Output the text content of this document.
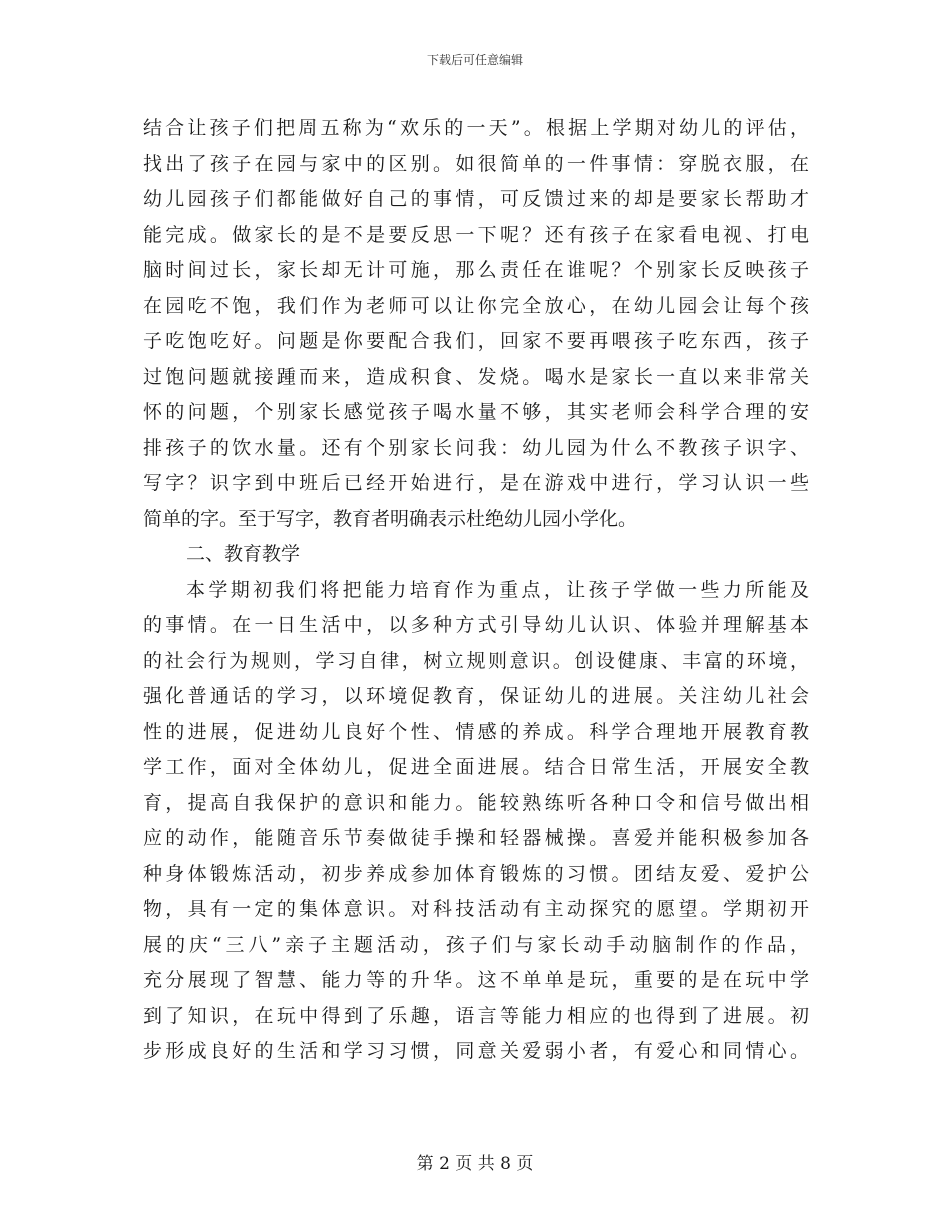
下载后可任意编辑
结合让孩子们把周五称为“欢乐的一天”。根据上学期对幼儿的评估，
找出了孩子在园与家中的区别。如很简单的一件事情：穿脱衣服，在
幼儿园孩子们都能做好自己的事情，可反馈过来的却是要家长帮助才
能完成。做家长的是不是要反思一下呢？还有孩子在家看电视、打电
脑时间过长，家长却无计可施，那么责任在谁呢？个别家长反映孩子
在园吃不饱，我们作为老师可以让你完全放心，在幼儿园会让每个孩
子吃饱吃好。问题是你要配合我们，回家不要再喂孩子吃东西，孩子
过饱问题就接踵而来，造成积食、发烧。喝水是家长一直以来非常关
怀的问题，个别家长感觉孩子喝水量不够，其实老师会科学合理的安
排孩子的饮水量。还有个别家长问我：幼儿园为什么不教孩子识字、
写字？识字到中班后已经开始进行，是在游戏中进行，学习认识一些
简单的字。至于写字，教育者明确表示杜绝幼儿园小学化。
二、教育教学
本学期初我们将把能力培育作为重点，让孩子学做一些力所能及
的事情。在一日生活中，以多种方式引导幼儿认识、体验并理解基本
的社会行为规则，学习自律，树立规则意识。创设健康、丰富的环境，
强化普通话的学习，以环境促教育，保证幼儿的进展。关注幼儿社会
性的进展，促进幼儿良好个性、情感的养成。科学合理地开展教育教
学工作，面对全体幼儿，促进全面进展。结合日常生活，开展安全教
育，提高自我保护的意识和能力。能较熟练听各种口令和信号做出相
应的动作，能随音乐节奏做徒手操和轻器械操。喜爱并能积极参加各
种身体锻炼活动，初步养成参加体育锻炼的习惯。团结友爱、爱护公
物，具有一定的集体意识。对科技活动有主动探究的愿望。学期初开
展的庆“三八”亲子主题活动，孩子们与家长动手动脑制作的作品，
充分展现了智慧、能力等的升华。这不单单是玩，重要的是在玩中学
到了知识，在玩中得到了乐趣，语言等能力相应的也得到了进展。初
步形成良好的生活和学习习惯，同意关爱弱小者，有爱心和同情心。
第 2 页 共 8 页
